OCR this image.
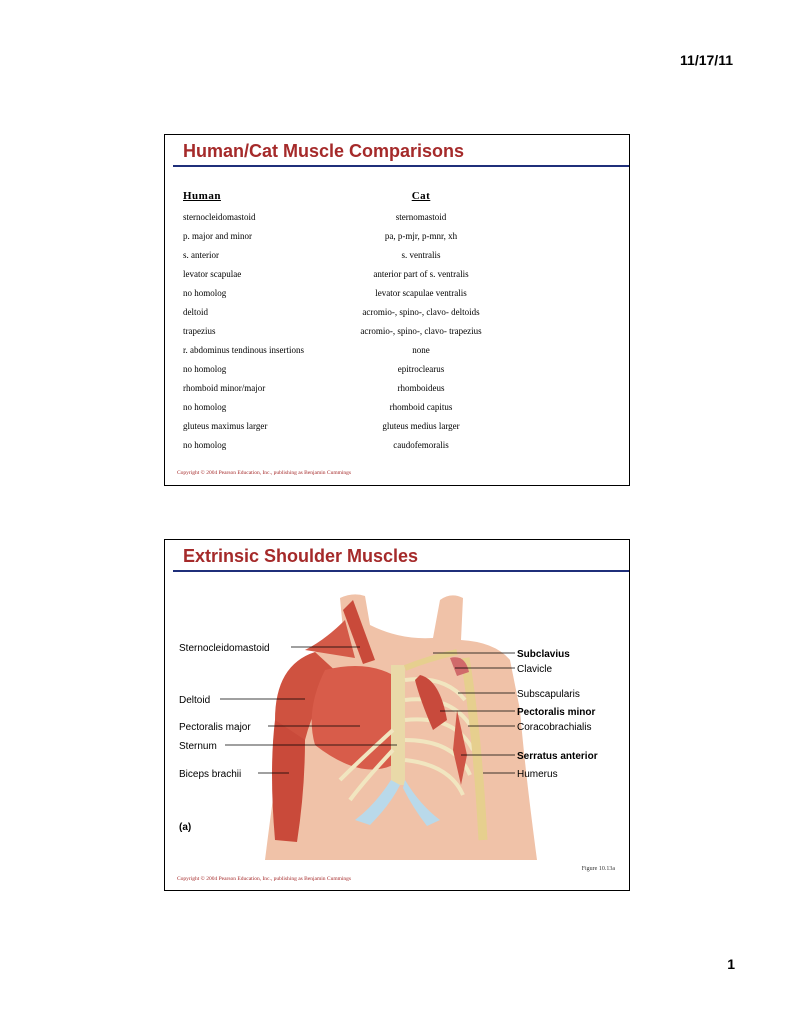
11/17/11
Human/Cat Muscle Comparisons
Human	Cat
sternocleidomastoid	sternomastoid
p. major and minor	pa, p-mjr, p-mnr, xh
s. anterior	s. ventralis
levator scapulae	anterior part of s. ventralis
no homolog	levator scapulae ventralis
deltoid	acromio-, spino-, clavo- deltoids
trapezius	acromio-, spino-, clavo- trapezius
r. abdominus tendinous insertions	none
no homolog	epitroclearus
rhomboid minor/major	rhomboideus
no homolog	rhomboid capitus
gluteus maximus larger	gluteus medius larger
no homolog	caudofemoralis
Copyright © 2004 Pearson Education, Inc., publishing as Benjamin Cummings
Extrinsic Shoulder Muscles
Sternocleidomastoid
Deltoid
Pectoralis major
Sternum
Biceps brachii
(a)
Subclavius
Clavicle
Subscapularis
Pectoralis minor
Coracobrachialis
Serratus anterior
Humerus
Figure 10.13a
Copyright © 2004 Pearson Education, Inc., publishing as Benjamin Cummings
1
